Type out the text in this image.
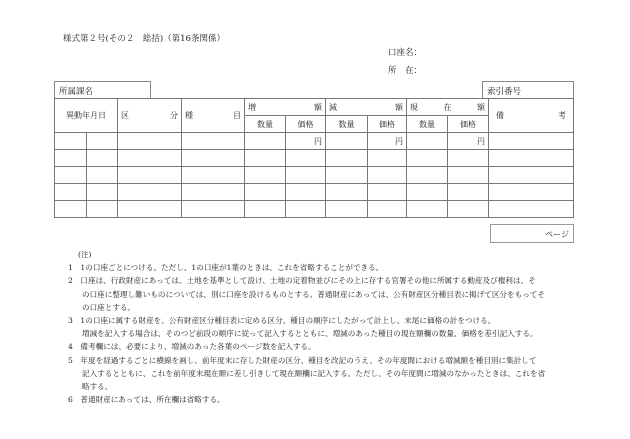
様式第２号(その２　総括)（第16条関係）
口座名：
所　在：
所属課名	索引番号
異動年月日		区 分	種 目	増 額		減 額		現 在 額		備 考

				数量	価格	数量	価格	数量	価格	
					円		円		円	

ページ
(注)
1　1の口座ごとにつける。ただし、1の口座が1葉のときは、これを省略することができる。
2　口座は、行政財産にあっては、土地を基準として設け、土地の定着物並びにその上に存する官署その他に所属する動産及び権利は、そ
の口座に整理し難いものについては、別に口座を設けるものとする。普通財産にあっては、公有財産区分種目表に掲げて区分をもってそ
の口座とする。
3　1の口座に属する財産を、公有財産区分種目表に定める区分、種目の順序にしたがって計上し、末尾に価格の計をつける。
増減を記入する場合は、そのつど前段の順序に従って記入するとともに、増減のあった種目の現在額欄の数量、価格を差引記入する。
4　備考欄には、必要により、増減のあった各葉のページ数を記入する。
5　年度を経過するごとに横線を画し、前年度末に存した財産の区分、種目を改記のうえ、その年度間における増減額を種目別に集計して
記入するとともに、これを前年度末現在額に差し引きして現在額欄に記入する。ただし、その年度間に増減のなかったときは、これを省
略する。
6　普通財産にあっては、所在欄は省略する。
